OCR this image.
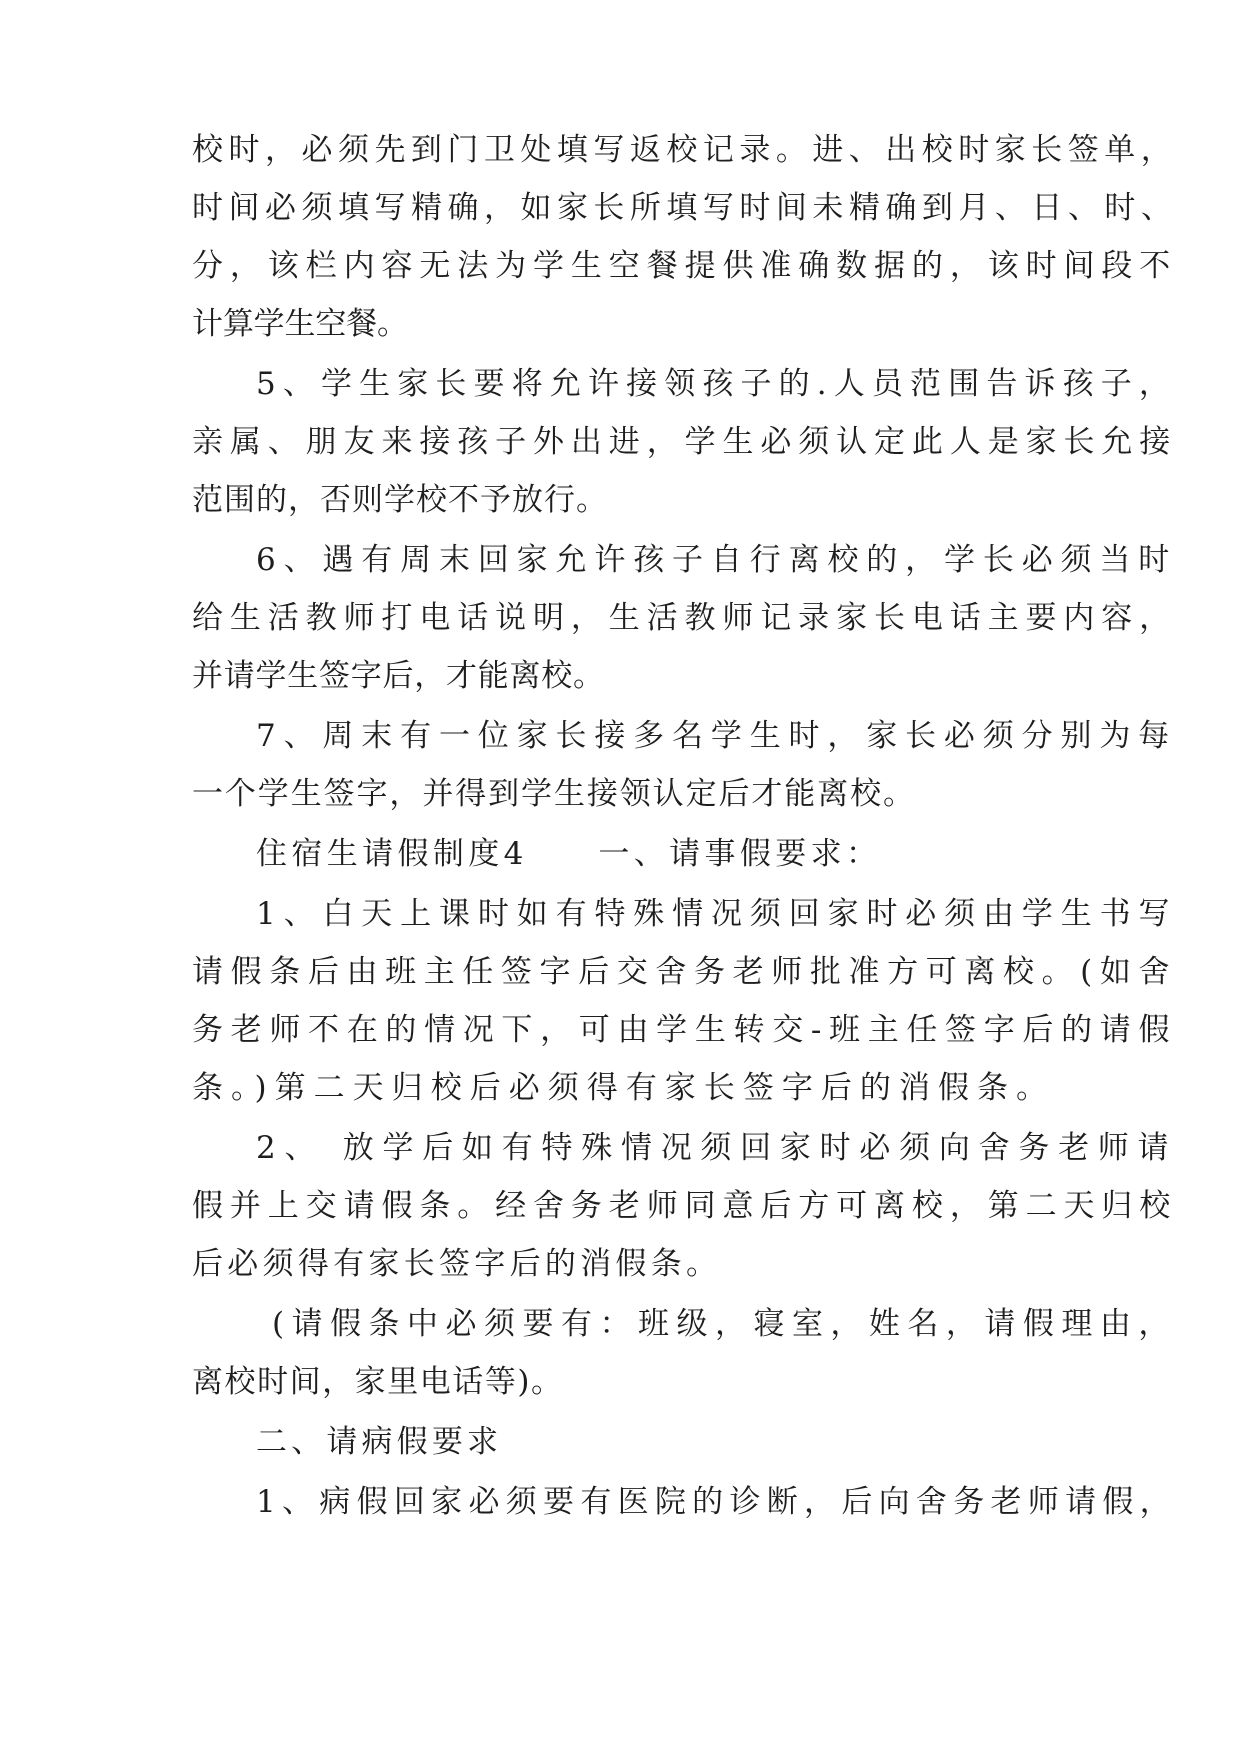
校时，必须先到门卫处填写返校记录。进、出校时家长签单，

时间必须填写精确，如家长所填写时间未精确到月、日、时、

分，该栏内容无法为学生空餐提供准确数据的，该时间段不

计算学生空餐。

5、学生家长要将允许接领孩子的.人员范围告诉孩子，

亲属、朋友来接孩子外出进，学生必须认定此人是家长允接

范围的，否则学校不予放行。

6、遇有周末回家允许孩子自行离校的，学长必须当时

给生活教师打电话说明，生活教师记录家长电话主要内容，

并请学生签字后，才能离校。

7、周末有一位家长接多名学生时，家长必须分别为每

一个学生签字，并得到学生接领认定后才能离校。

住宿生请假制度4　　一、请事假要求：

1、白天上课时如有特殊情况须回家时必须由学生书写

请假条后由班主任签字后交舍务老师批准方可离校。(如舍

务老师不在的情况下，可由学生转交-班主任签字后的请假

条。)第二天归校后必须得有家长签字后的消假条。

2、 放学后如有特殊情况须回家时必须向舍务老师请

假并上交请假条。经舍务老师同意后方可离校，第二天归校

后必须得有家长签字后的消假条。

(请假条中必须要有：班级，寝室，姓名，请假理由，

离校时间，家里电话等)。

二、请病假要求

1、病假回家必须要有医院的诊断，后向舍务老师请假，
